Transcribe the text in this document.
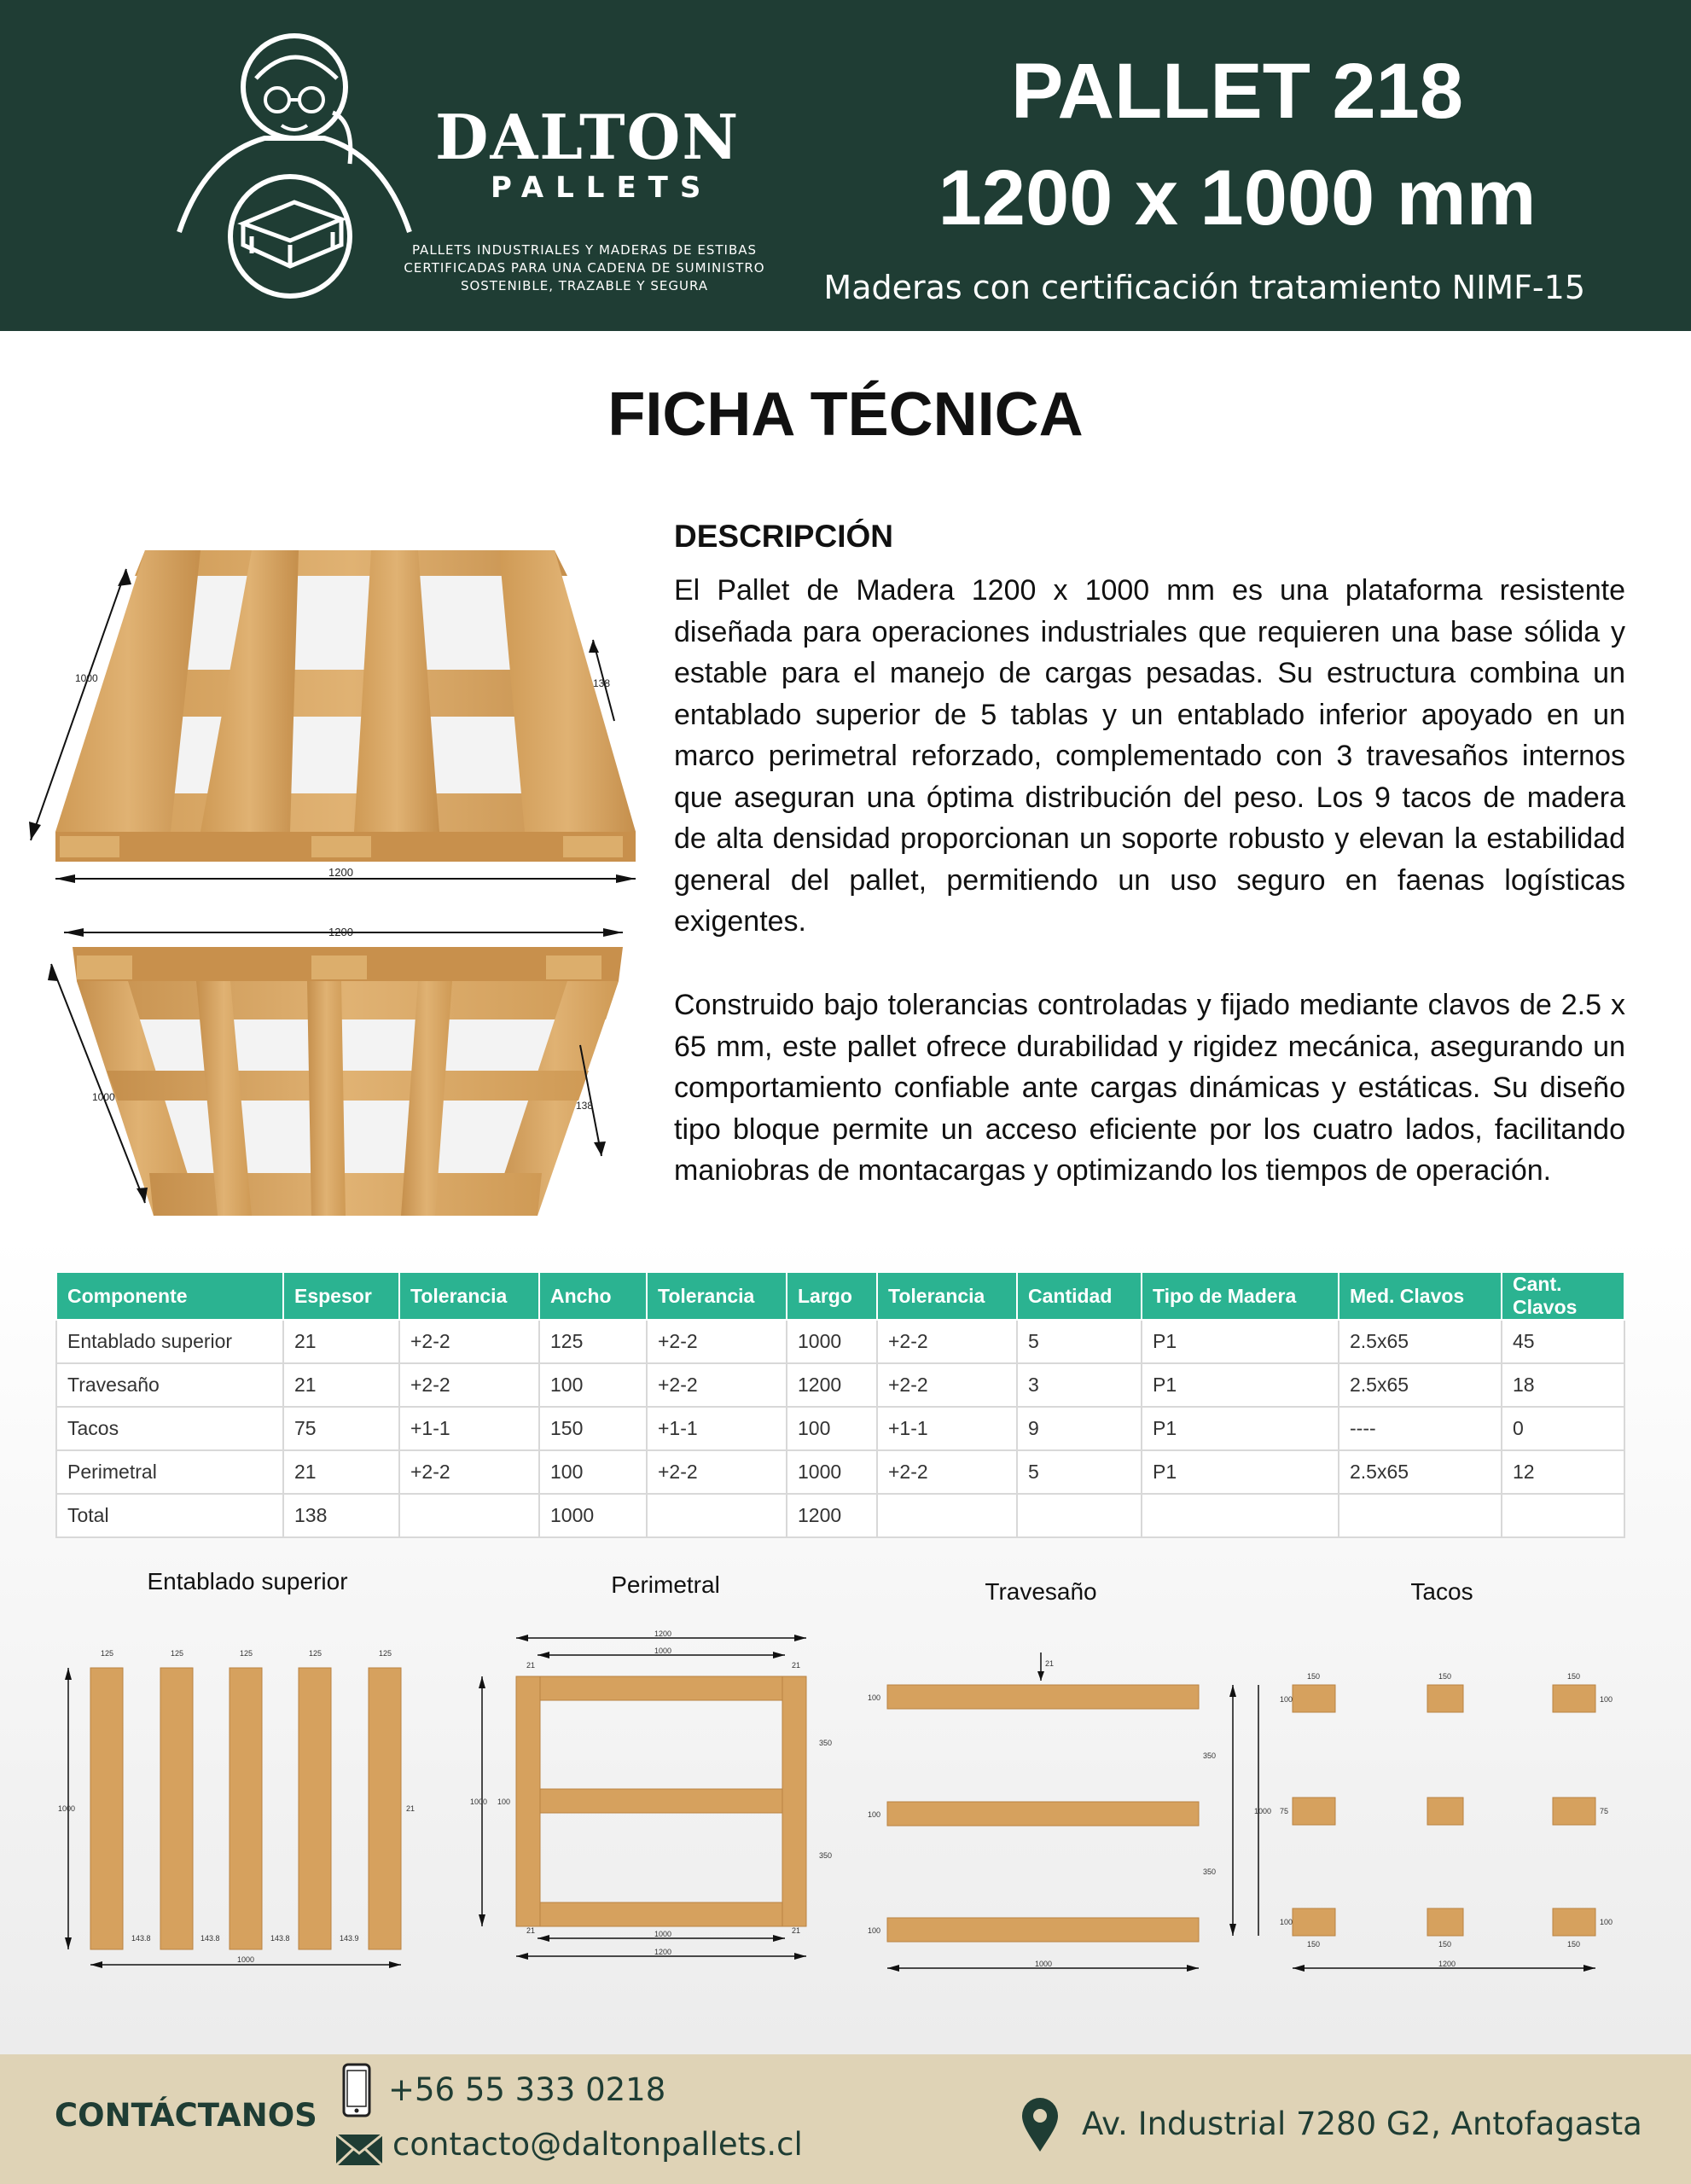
DALTON
PALLETS
PALLETS INDUSTRIALES Y MADERAS DE ESTIBAS CERTIFICADAS PARA UNA CADENA DE SUMINISTRO SOSTENIBLE, TRAZABLE Y SEGURA
PALLET 218
1200 x 1000 mm
Maderas con certificación tratamiento NIMF-15
FICHA TÉCNICA
1000
1200
138
1200
1000
138
DESCRIPCIÓN
El Pallet de Madera 1200 x 1000 mm es una plataforma resistente diseñada para operaciones industriales que requieren una base sólida y estable para el manejo de cargas pesadas. Su estructura combina un entablado superior de 5 tablas y un entablado inferior apoyado en un marco perimetral reforzado, complementado con 3 travesaños internos que aseguran una óptima distribución del peso. Los 9 tacos de madera de alta densidad proporcionan un soporte robusto y elevan la estabilidad general del pallet, permitiendo un uso seguro en faenas logísticas exigentes.
Construido bajo tolerancias controladas y fijado mediante clavos de 2.5 x 65 mm, este pallet ofrece durabilidad y rigidez mecánica, asegurando un comportamiento confiable ante cargas dinámicas y estáticas. Su diseño tipo bloque permite un acceso eficiente por los cuatro lados, facilitando maniobras de montacargas y optimizando los tiempos de operación.
Componente	Espesor	Tolerancia	Ancho	Tolerancia	Largo	Tolerancia	Cantidad	Tipo de Madera	Med. Clavos	Cant. Clavos
Entablado superior	21	+2-2	125	+2-2	1000	+2-2	5	P1	2.5x65	45
Travesaño	21	+2-2	100	+2-2	1200	+2-2	3	P1	2.5x65	18
Tacos	75	+1-1	150	+1-1	100	+1-1	9	P1	----	0
Perimetral	21	+2-2	100	+2-2	1000	+2-2	5	P1	2.5x65	12
Total	138		1000		1200					
Entablado superior	Perimetral	Travesaño	Tacos
125	125	125	125	125
1000	21
143.8	143.8	143.8	143.9
1000
1200
1000
21	21
1000 100
350
350
21	21
1000
1200
21
100
100
100
350
350
1000
150	150	150
100	100
75	75
100	100
150	150	150
1000
1200
CONTÁCTANOS
+56 55 333 0218
contacto@daltonpallets.cl
Av. Industrial 7280 G2, Antofagasta
